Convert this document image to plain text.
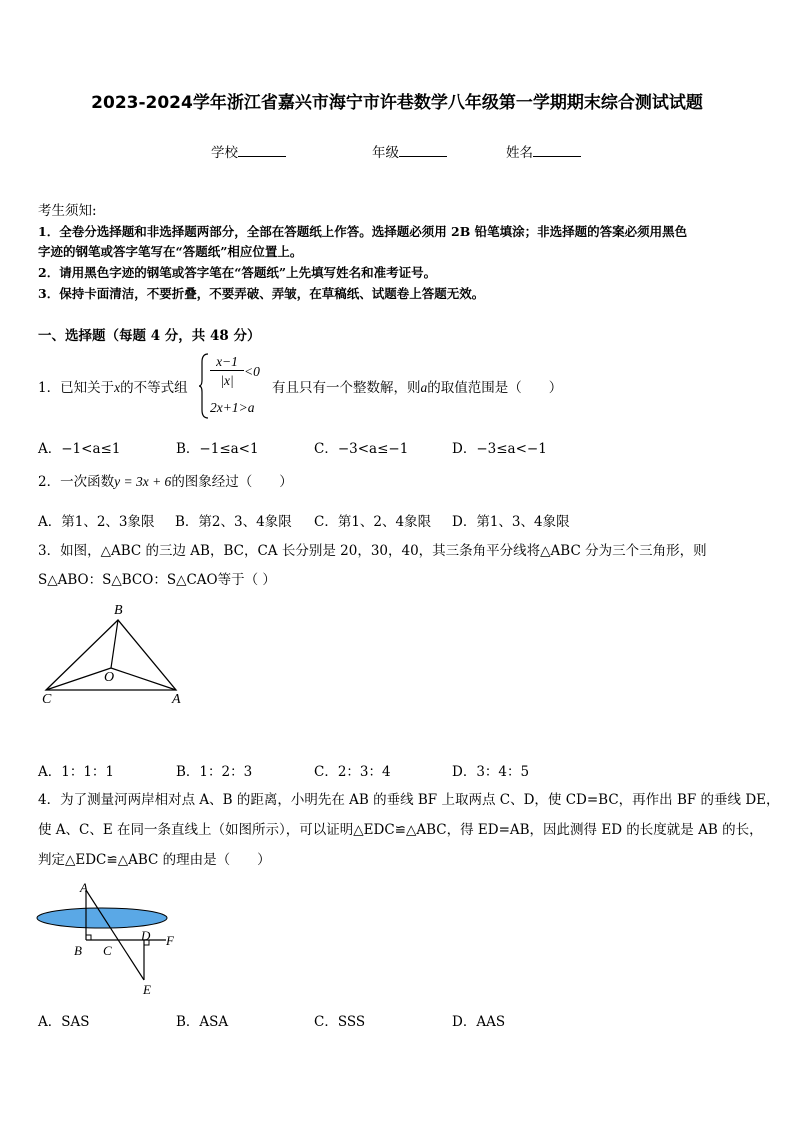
2023-2024学年浙江省嘉兴市海宁市许巷数学八年级第一学期期末综合测试试题
学校	年级	姓名
考生须知:
1．全卷分选择题和非选择题两部分，全部在答题纸上作答。选择题必须用 2B 铅笔填涂；非选择题的答案必须用黑色
字迹的钢笔或答字笔写在“答题纸”相应位置上。
2．请用黑色字迹的钢笔或答字笔在“答题纸”上先填写姓名和准考证号。
3．保持卡面清洁，不要折叠，不要弄破、弄皱，在草稿纸、试题卷上答题无效。
一、选择题（每题 4 分，共 48 分）
1．已知关于x的不等式组
x−1
|x|
<0
2x+1>a
有且只有一个整数解，则a的取值范围是（　　）
A．−1<a≤1	B．−1≤a<1	C．−3<a≤−1	D．−3≤a<−1
2．一次函数y = 3x + 6的图象经过（　　）
A．第1、2、3象限 B．第2、3、4象限 C．第1、2、4象限 D．第1、3、4象限
3．如图，△ABC 的三边 AB，BC，CA 长分别是 20，30，40，其三条角平分线将△ABC 分为三个三角形，则
S△ABO：S△BCO：S△CAO等于（ ）
B
O
C	A
A．1：1：1	B．1：2：3	C．2：3：4	D．3：4：5
4．为了测量河两岸相对点 A、B 的距离，小明先在 AB 的垂线 BF 上取两点 C、D，使 CD=BC，再作出 BF 的垂线 DE，
使 A、C、E 在同一条直线上（如图所示），可以证明△EDC≌△ABC，得 ED=AB，因此测得 ED 的长度就是 AB 的长，
判定△EDC≌△ABC 的理由是（　　）
A
B C
D F
E
A．SAS	B．ASA	C．SSS	D．AAS
